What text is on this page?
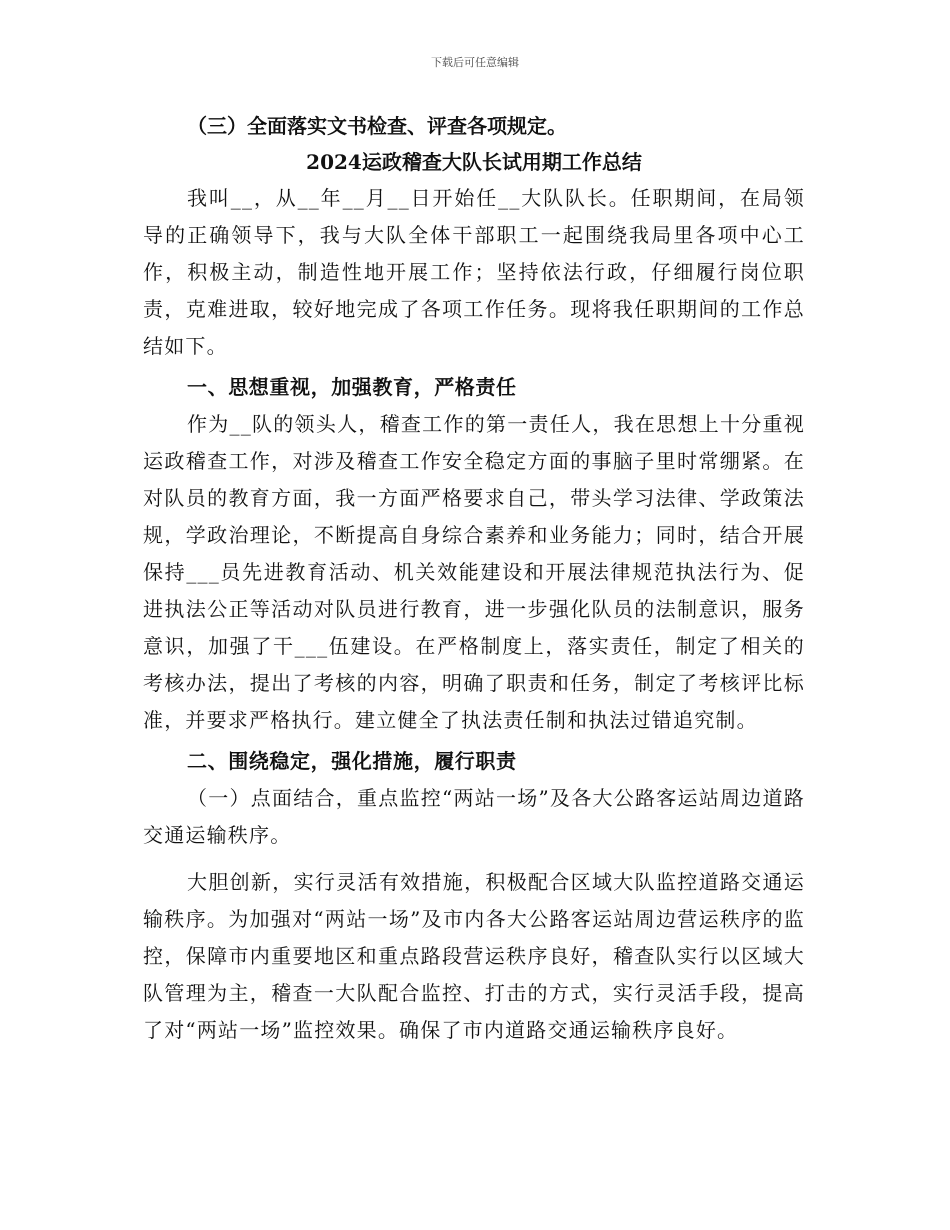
下载后可任意编辑

（三）全面落实文书检查、评查各项规定。

2024运政稽查大队长试用期工作总结

我叫__，从__年__月__日开始任__大队队长。任职期间，在局领导的正确领导下，我与大队全体干部职工一起围绕我局里各项中心工作，积极主动，制造性地开展工作；坚持依法行政，仔细履行岗位职责，克难进取，较好地完成了各项工作任务。现将我任职期间的工作总结如下。

一、思想重视，加强教育，严格责任

作为__队的领头人，稽查工作的第一责任人，我在思想上十分重视运政稽查工作，对涉及稽查工作安全稳定方面的事脑子里时常绷紧。在对队员的教育方面，我一方面严格要求自己，带头学习法律、学政策法规，学政治理论，不断提高自身综合素养和业务能力；同时，结合开展保持___员先进教育活动、机关效能建设和开展法律规范执法行为、促进执法公正等活动对队员进行教育，进一步强化队员的法制意识，服务意识，加强了干___伍建设。在严格制度上，落实责任，制定了相关的考核办法，提出了考核的内容，明确了职责和任务，制定了考核评比标准，并要求严格执行。建立健全了执法责任制和执法过错追究制。

二、围绕稳定，强化措施，履行职责

（一）点面结合，重点监控“两站一场”及各大公路客运站周边道路交通运输秩序。

大胆创新，实行灵活有效措施，积极配合区域大队监控道路交通运输秩序。为加强对“两站一场”及市内各大公路客运站周边营运秩序的监控，保障市内重要地区和重点路段营运秩序良好，稽查队实行以区域大队管理为主，稽查一大队配合监控、打击的方式，实行灵活手段，提高了对“两站一场”监控效果。确保了市内道路交通运输秩序良好。
